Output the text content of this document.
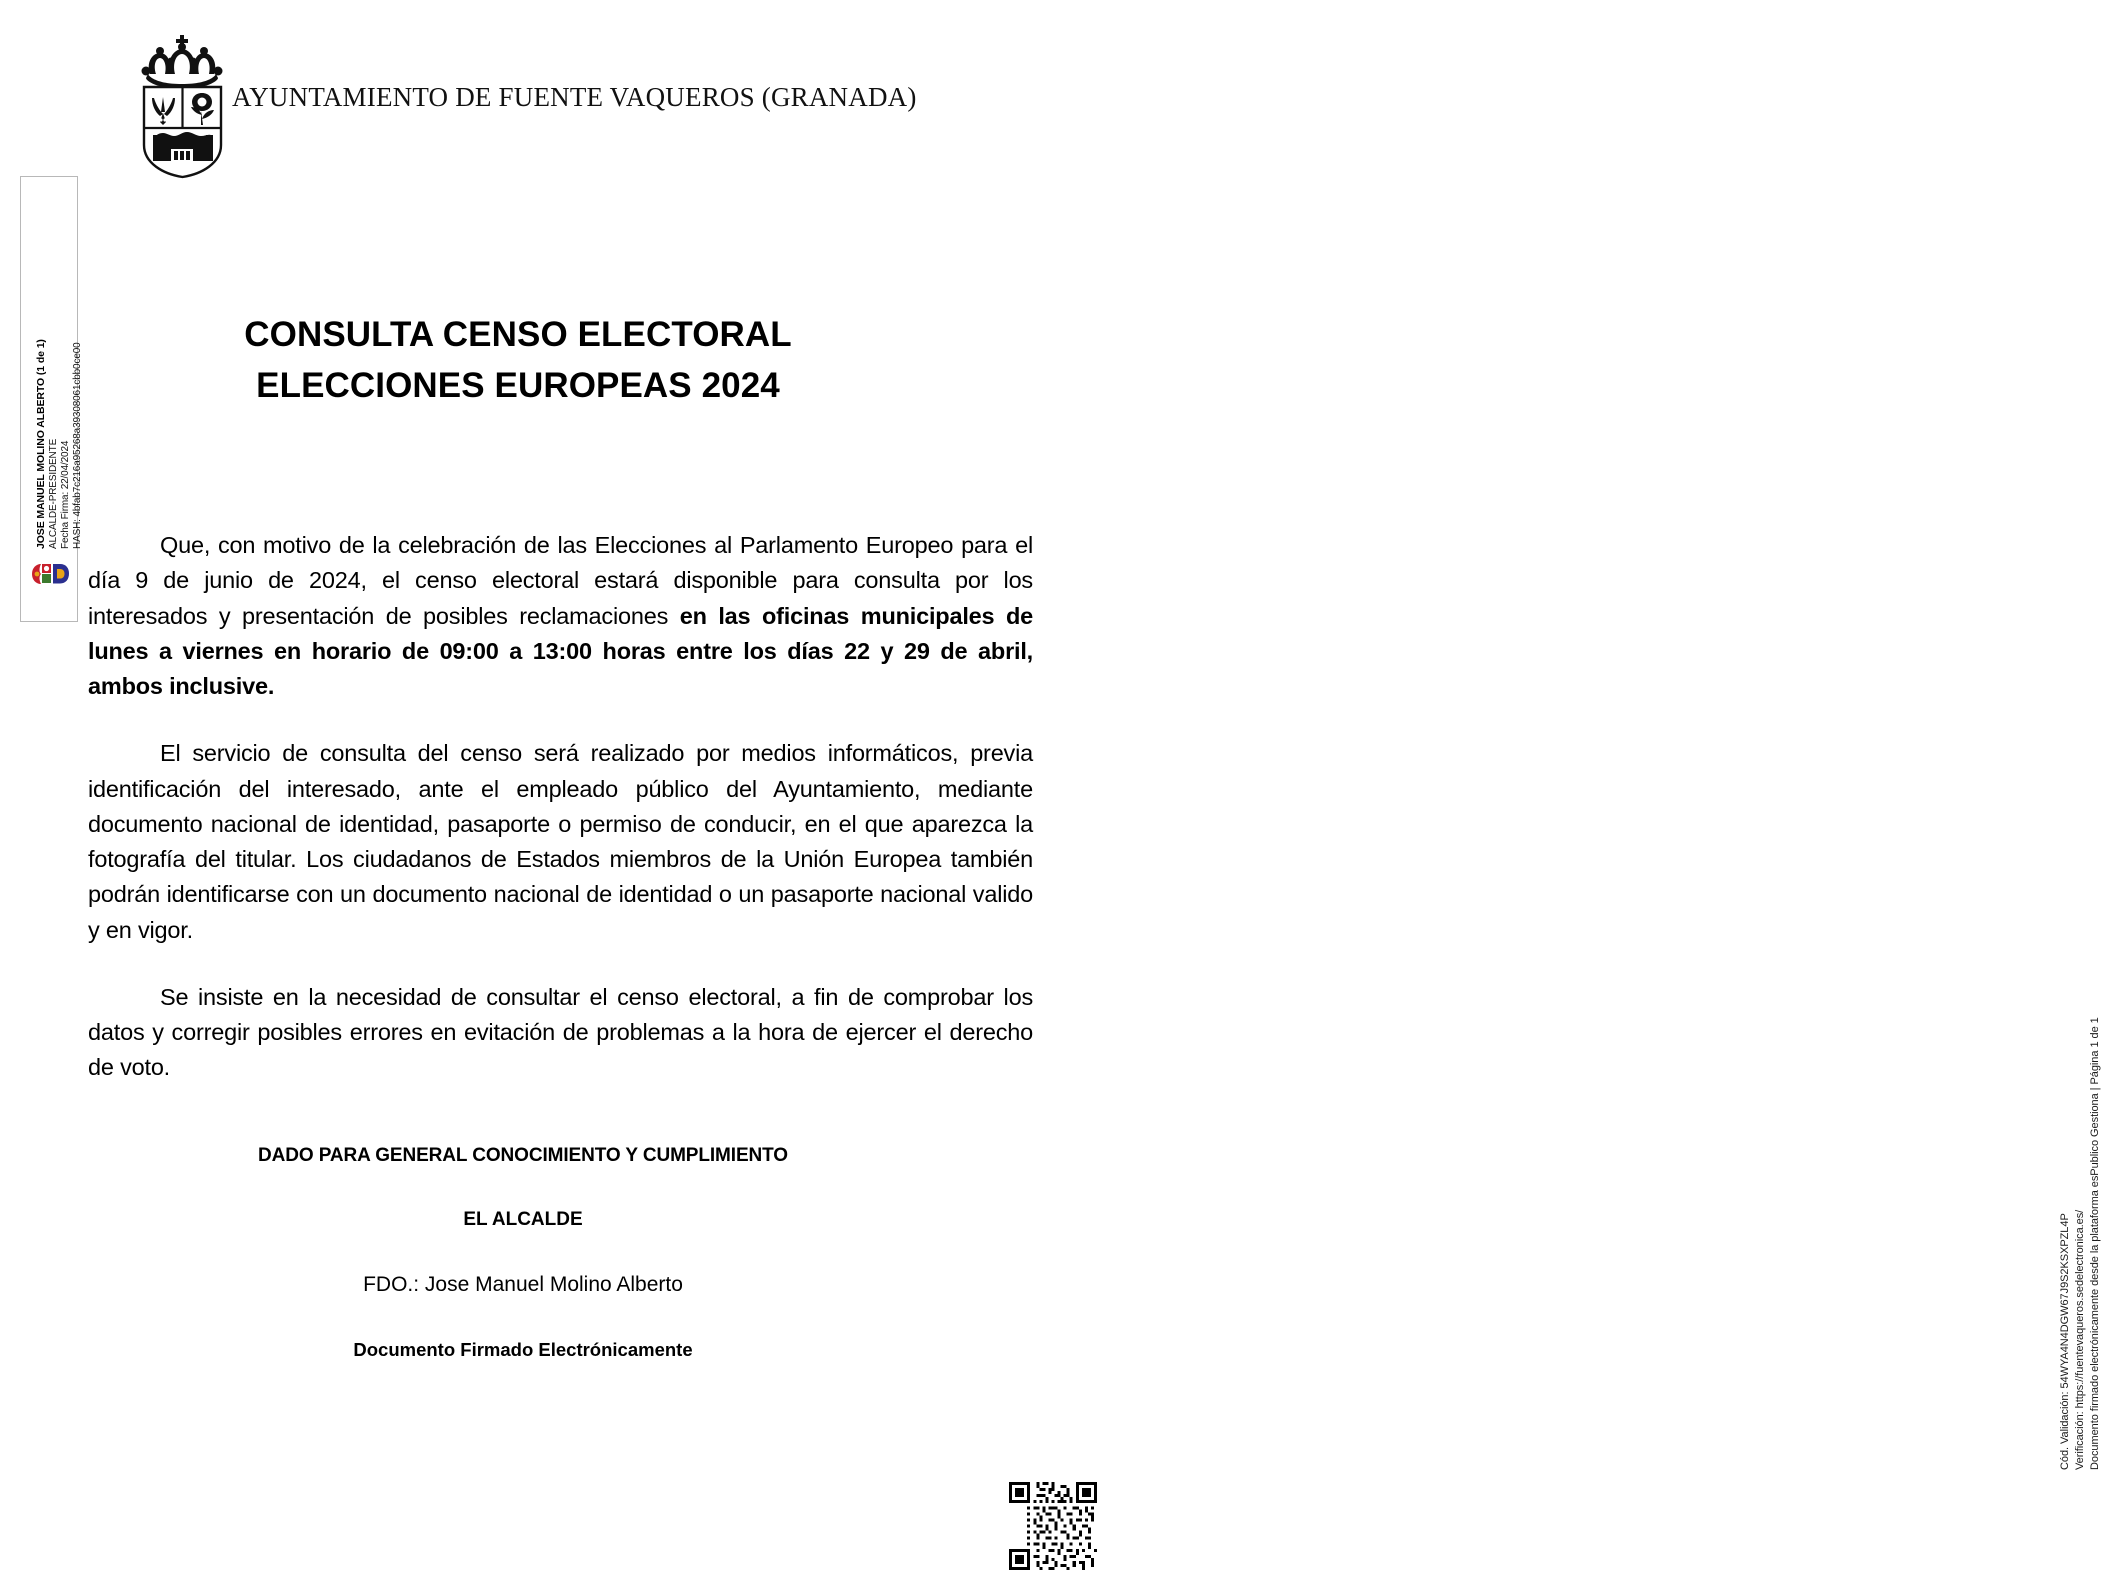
AYUNTAMIENTO DE FUENTE VAQUEROS (GRANADA)
JOSE MANUEL MOLINO ALBERTO (1 de 1) ALCALDE-PRESIDENTE Fecha Firma: 22/04/2024 HASH: 4bfab7c216a95268a39308061cbb0ce00
CONSULTA CENSO ELECTORAL
ELECCIONES EUROPEAS 2024

Que, con motivo de la celebración de las Elecciones al Parlamento Europeo para el día 9 de junio de 2024, el censo electoral estará disponible para consulta por los interesados y presentación de posibles reclamaciones en las oficinas municipales de lunes a viernes en horario de 09:00 a 13:00 horas entre los días 22 y 29 de abril, ambos inclusive.

El servicio de consulta del censo será realizado por medios informáticos, previa identificación del interesado, ante el empleado público del Ayuntamiento, mediante documento nacional de identidad, pasaporte o permiso de conducir, en el que aparezca la fotografía del titular. Los ciudadanos de Estados miembros de la Unión Europea también podrán identificarse con un documento nacional de identidad o un pasaporte nacional valido y en vigor.

Se insiste en la necesidad de consultar el censo electoral, a fin de comprobar los datos y corregir posibles errores en evitación de problemas a la hora de ejercer el derecho de voto.

DADO PARA GENERAL CONOCIMIENTO Y CUMPLIMIENTO
EL ALCALDE
FDO.: Jose Manuel Molino Alberto
Documento Firmado Electrónicamente	Cód. Validación: 54WYA4N4DGW67J9S2KSXPZL4P Verificación: https://fuentevaqueros.sedelectronica.es/ Documento firmado electrónicamente desde la plataforma esPublico Gestiona | Página 1 de 1
